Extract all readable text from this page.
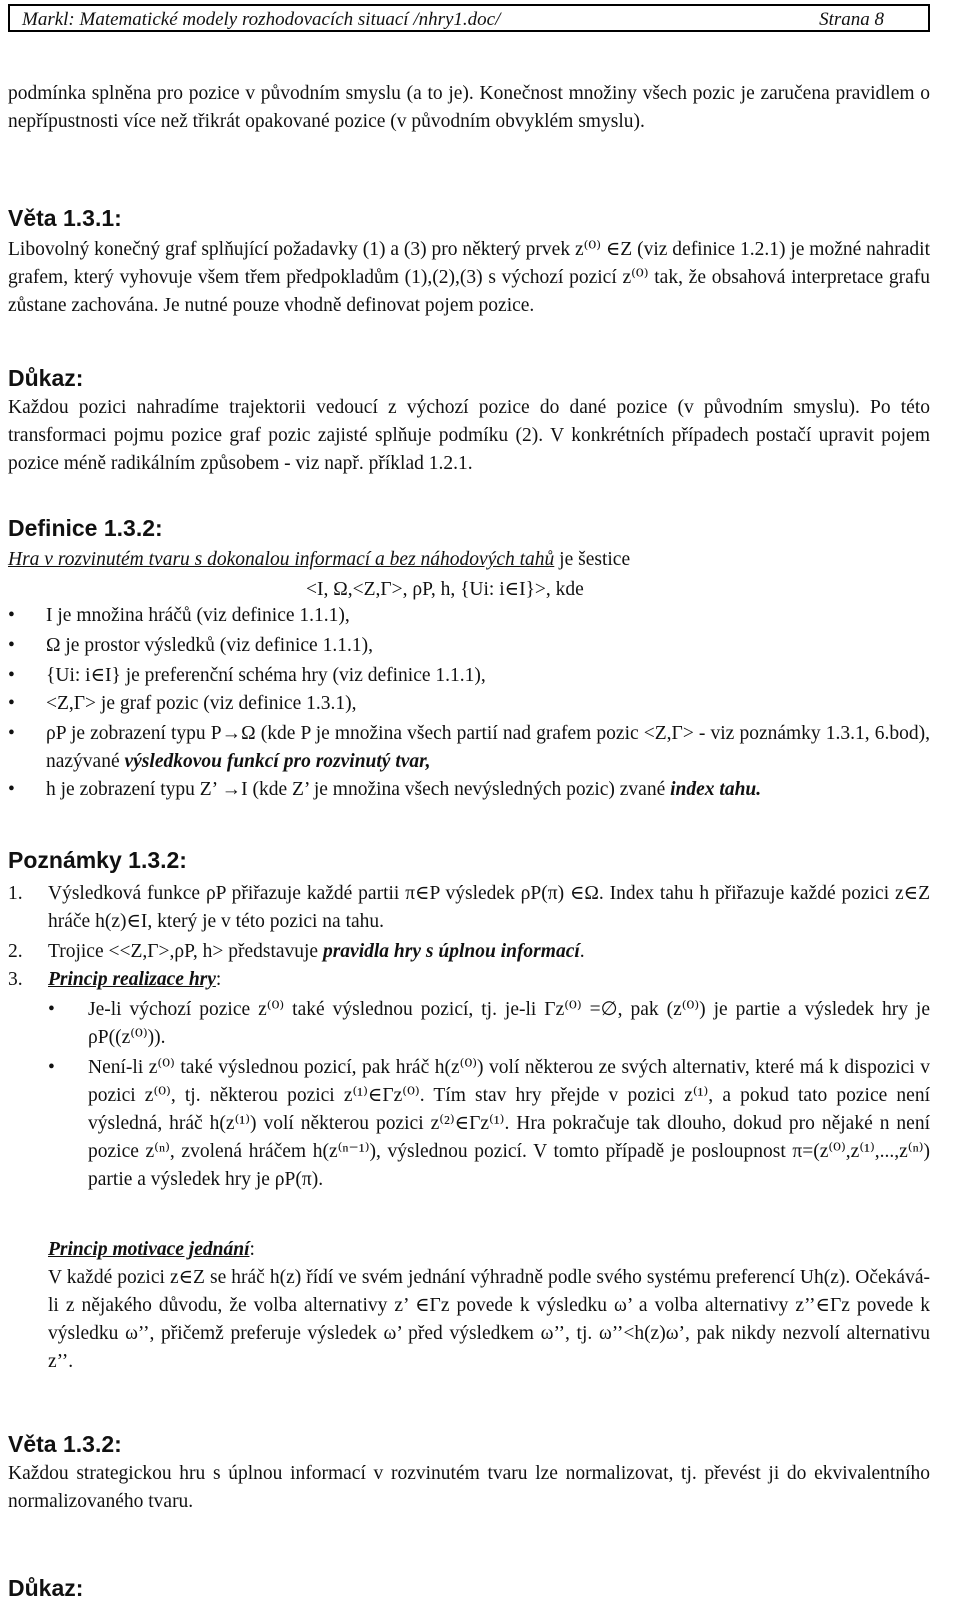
Markl: Matematické modely rozhodovacích situací /nhry1.doc/	Strana 8
podmínka splněna pro pozice v původním smyslu (a to je). Konečnost množiny všech pozic je zaručena pravidlem o nepřípustnosti více než třikrát opakované pozice (v původním obvyklém smyslu).
Věta 1.3.1:
Libovolný konečný graf splňující požadavky (1) a (3) pro některý prvek z⁽⁰⁾ ∈Z (viz definice 1.2.1) je možné nahradit grafem, který vyhovuje všem třem předpokladům (1),(2),(3) s výchozí pozicí z⁽⁰⁾ tak, že obsahová interpretace grafu zůstane zachována. Je nutné pouze vhodně definovat pojem pozice.
Důkaz:
Každou pozici nahradíme trajektorii vedoucí z výchozí pozice do dané pozice (v původním smyslu). Po této transformaci pojmu pozice graf pozic zajisté splňuje podmíku (2). V konkrétních případech postačí upravit pojem pozice méně radikálním způsobem - viz např. příklad 1.2.1.
Definice 1.3.2:
Hra v rozvinutém tvaru s dokonalou informací a bez náhodových tahů je šestice
<I, Ω,<Z,Γ>, ρP, h, {Ui: i∈I}>, kde
• I je množina hráčů (viz definice 1.1.1),
• Ω je prostor výsledků (viz definice 1.1.1),
• {Ui: i∈I} je preferenční schéma hry (viz definice 1.1.1),
• <Z,Γ> je graf pozic (viz definice 1.3.1),
• ρP je zobrazení typu P→Ω (kde P je množina všech partií nad grafem pozic <Z,Γ> - viz poznámky 1.3.1, 6.bod), nazývané výsledkovou funkcí pro rozvinutý tvar,
• h je zobrazení typu Z’ →I (kde Z’ je množina všech nevýsledných pozic) zvané index tahu.
Poznámky 1.3.2:
1. Výsledková funkce ρP přiřazuje každé partii π∈P výsledek ρP(π) ∈Ω. Index tahu h přiřazuje každé pozici z∈Z hráče h(z)∈I, který je v této pozici na tahu.
2. Trojice <<Z,Γ>,ρP, h> představuje pravidla hry s úplnou informací.
3. Princip realizace hry:
• Je-li výchozí pozice z⁽⁰⁾ také výslednou pozicí, tj. je-li Γz⁽⁰⁾ =∅, pak (z⁽⁰⁾) je partie a výsledek hry je ρP((z⁽⁰⁾)).
• Není-li z⁽⁰⁾ také výslednou pozicí, pak hráč h(z⁽⁰⁾) volí některou ze svých alternativ, které má k dispozici v pozici z⁽⁰⁾, tj. některou pozici z⁽¹⁾∈Γz⁽⁰⁾. Tím stav hry přejde v pozici z⁽¹⁾, a pokud tato pozice není výsledná, hráč h(z⁽¹⁾) volí některou pozici z⁽²⁾∈Γz⁽¹⁾. Hra pokračuje tak dlouho, dokud pro nějaké n není pozice z⁽ⁿ⁾, zvolená hráčem h(z⁽ⁿ⁻¹⁾), výslednou pozicí. V tomto případě je posloupnost π=(z⁽⁰⁾,z⁽¹⁾,...,z⁽ⁿ⁾) partie a výsledek hry je ρP(π).
Princip motivace jednání:
V každé pozici z∈Z se hráč h(z) řídí ve svém jednání výhradně podle svého systému preferencí Uh(z). Očekává-li z nějakého důvodu, že volba alternativy z’ ∈Γz povede k výsledku ω’ a volba alternativy z’’∈Γz povede k výsledku ω’’, přičemž preferuje výsledek ω’ před výsledkem ω’’, tj. ω’’<h(z)ω’, pak nikdy nezvolí alternativu z’’.
Věta 1.3.2:
Každou strategickou hru s úplnou informací v rozvinutém tvaru lze normalizovat, tj. převést ji do ekvivalentního normalizovaného tvaru.
Důkaz:
